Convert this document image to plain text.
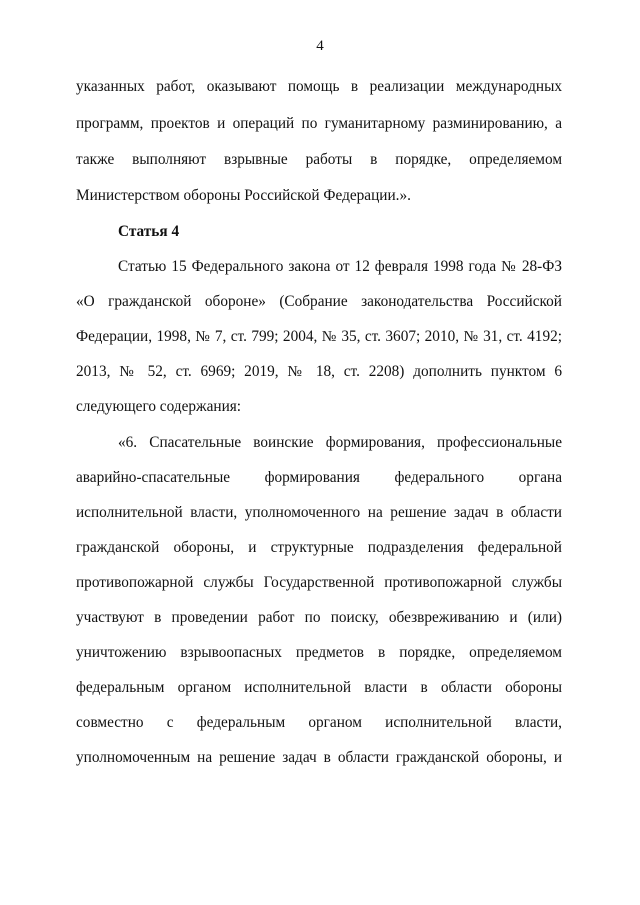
4
указанных работ, оказывают помощь в реализации международных
программ, проектов и операций по гуманитарному разминированию, а
также выполняют взрывные работы в порядке, определяемом
Министерством обороны Российской Федерации.».
Статья 4
Статью 15 Федерального закона от 12 февраля 1998 года № 28-ФЗ
«О гражданской обороне» (Собрание законодательства Российской
Федерации, 1998, № 7, ст. 799; 2004, № 35, ст. 3607; 2010, № 31, ст. 4192;
2013, № 52, ст. 6969; 2019, № 18, ст. 2208) дополнить пунктом 6
следующего содержания:
«6. Спасательные воинские формирования, профессиональные
аварийно-спасательные формирования федерального органа
исполнительной власти, уполномоченного на решение задач в области
гражданской обороны, и структурные подразделения федеральной
противопожарной службы Государственной противопожарной службы
участвуют в проведении работ по поиску, обезвреживанию и (или)
уничтожению взрывоопасных предметов в порядке, определяемом
федеральным органом исполнительной власти в области обороны
совместно с федеральным органом исполнительной власти,
уполномоченным на решение задач в области гражданской обороны, и
